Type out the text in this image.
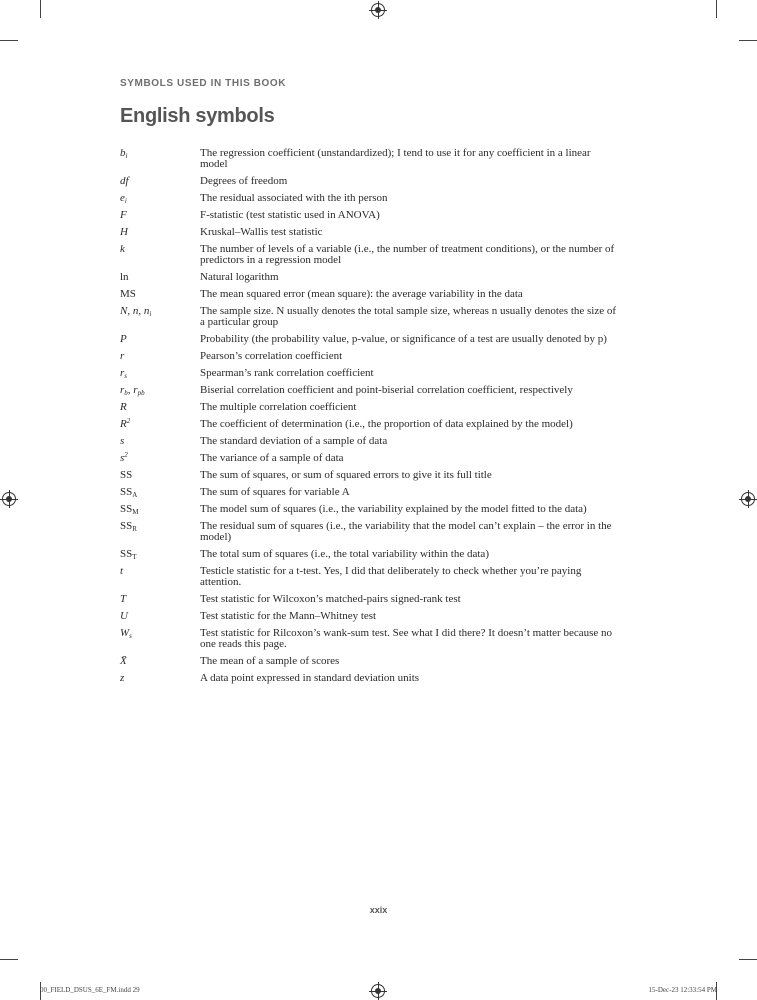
SYMBOLS USED IN THIS BOOK
English symbols
$b_i$	The regression coefficient (unstandardized); I tend to use it for any coefficient in a linear model
df	Degrees of freedom
$e_i$	The residual associated with the ith person
F	F-statistic (test statistic used in ANOVA)
H	Kruskal–Wallis test statistic
k	The number of levels of a variable (i.e., the number of treatment conditions), or the number of predictors in a regression model
ln	Natural logarithm
MS	The mean squared error (mean square): the average variability in the data
N, n, $n_i$	The sample size. N usually denotes the total sample size, whereas n usually denotes the size of a particular group
P	Probability (the probability value, p-value, or significance of a test are usually denoted by p)
r	Pearson’s correlation coefficient
$r_s$	Spearman’s rank correlation coefficient
$r_b$, $r_{pb}$	Biserial correlation coefficient and point-biserial correlation coefficient, respectively
R	The multiple correlation coefficient
$R^2$	The coefficient of determination (i.e., the proportion of data explained by the model)
s	The standard deviation of a sample of data
$s^2$	The variance of a sample of data
SS	The sum of squares, or sum of squared errors to give it its full title
$SS_A$	The sum of squares for variable A
$SS_M$	The model sum of squares (i.e., the variability explained by the model fitted to the data)
$SS_R$	The residual sum of squares (i.e., the variability that the model can’t explain – the error in the model)
$SS_T$	The total sum of squares (i.e., the total variability within the data)
t	Testicle statistic for a t-test. Yes, I did that deliberately to check whether you’re paying attention.
T	Test statistic for Wilcoxon’s matched-pairs signed-rank test
U	Test statistic for the Mann–Whitney test
$W_s$	Test statistic for Rilcoxon’s wank-sum test. See what I did there? It doesn’t matter because no one reads this page.
X̄	The mean of a sample of scores
z	A data point expressed in standard deviation units
xxix
00_FIELD_DSUS_6E_FM.indd 29	15-Dec-23 12:33:54 PM
